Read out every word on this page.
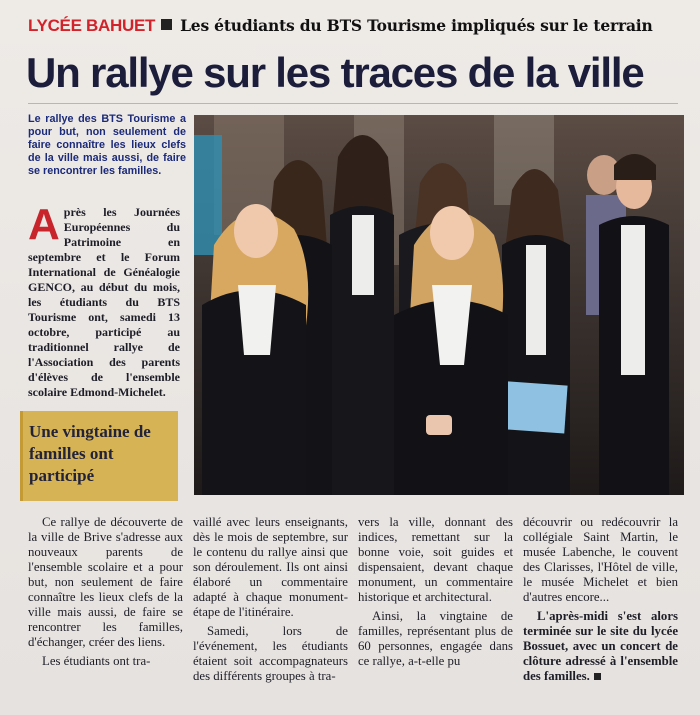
LYCÉE BAHUET Les étudiants du BTS Tourisme impliqués sur le terrain
Un rallye sur les traces de la ville
Le rallye des BTS Tourisme a pour but, non seulement de faire connaître les lieux clefs de la ville mais aussi, de faire se rencontrer les familles.
Après les Journées Européennes du Patrimoine en septembre et le Forum International de Généalogie GENCO, au début du mois, les étudiants du BTS Tourisme ont, samedi 13 octobre, participé au traditionnel rallye de l'Association des parents d'élèves de l'ensemble scolaire Edmond-Michelet.
Une vingtaine de familles ont participé

Ce rallye de découverte de la ville de Brive s'adresse aux nouveaux parents de l'ensemble scolaire et a pour but, non seulement de faire connaître les lieux clefs de la ville mais aussi, de faire se rencontrer les familles, d'échanger, créer des liens.

Les étudiants ont tra-

vaillé avec leurs enseignants, dès le mois de septembre, sur le contenu du rallye ainsi que son déroulement. Ils ont ainsi élaboré un commentaire adapté à chaque monument-étape de l'itinéraire.

Samedi, lors de l'événement, les étudiants étaient soit accompagnateurs des différents groupes à tra-

vers la ville, donnant des indices, remettant sur la bonne voie, soit guides et dispensaient, devant chaque monument, un commentaire historique et architectural.

Ainsi, la vingtaine de familles, représentant plus de 60 personnes, engagée dans ce rallye, a-t-elle pu

découvrir ou redécouvrir la collégiale Saint Martin, le musée Labenche, le couvent des Clarisses, l'Hôtel de ville, le musée Michelet et bien d'autres encore...

L'après-midi s'est alors terminée sur le site du lycée Bossuet, avec un concert de clôture adressé à l'ensemble des familles.
